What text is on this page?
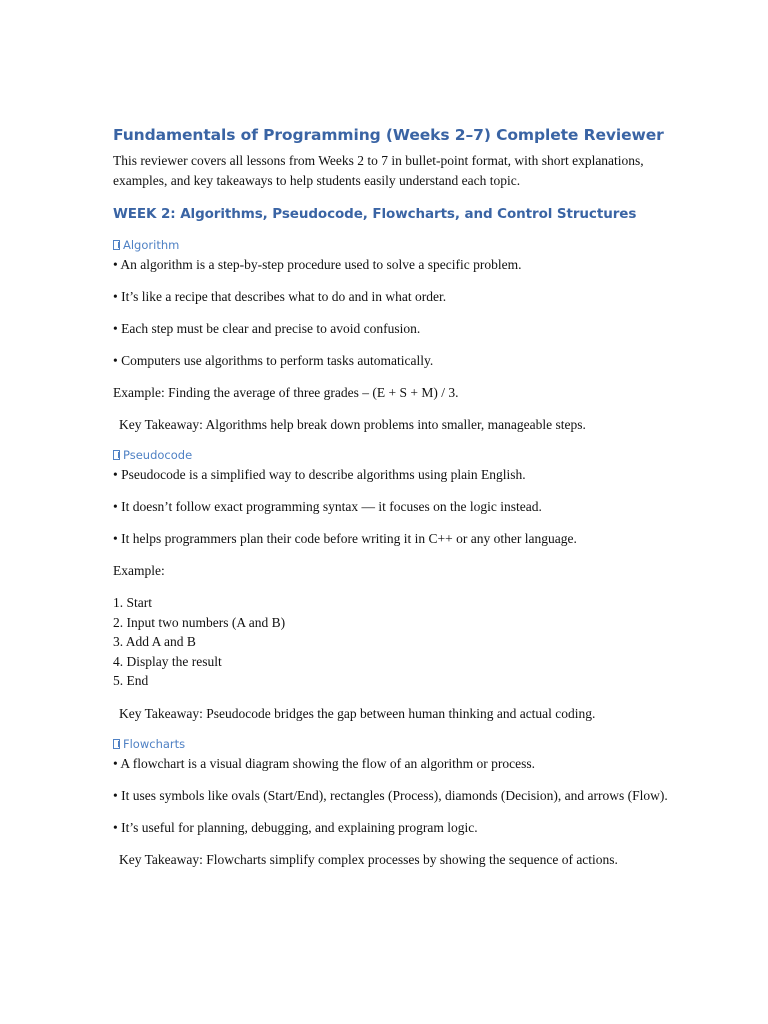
Fundamentals of Programming (Weeks 2–7) Complete Reviewer

This reviewer covers all lessons from Weeks 2 to 7 in bullet-point format, with short explanations, examples, and key takeaways to help students easily understand each topic.

WEEK 2: Algorithms, Pseudocode, Flowcharts, and Control Structures
Algorithm

• An algorithm is a step-by-step procedure used to solve a specific problem.

• It’s like a recipe that describes what to do and in what order.

• Each step must be clear and precise to avoid confusion.

• Computers use algorithms to perform tasks automatically.

Example: Finding the average of three grades – (E + S + M) / 3.

Key Takeaway: Algorithms help break down problems into smaller, manageable steps.

Pseudocode

• Pseudocode is a simplified way to describe algorithms using plain English.

• It doesn’t follow exact programming syntax — it focuses on the logic instead.

• It helps programmers plan their code before writing it in C++ or any other language.

Example:

1. Start
2. Input two numbers (A and B)
3. Add A and B
4. Display the result
5. End

Key Takeaway: Pseudocode bridges the gap between human thinking and actual coding.

Flowcharts

• A flowchart is a visual diagram showing the flow of an algorithm or process.

• It uses symbols like ovals (Start/End), rectangles (Process), diamonds (Decision), and arrows (Flow).

• It’s useful for planning, debugging, and explaining program logic.

Key Takeaway: Flowcharts simplify complex processes by showing the sequence of actions.
